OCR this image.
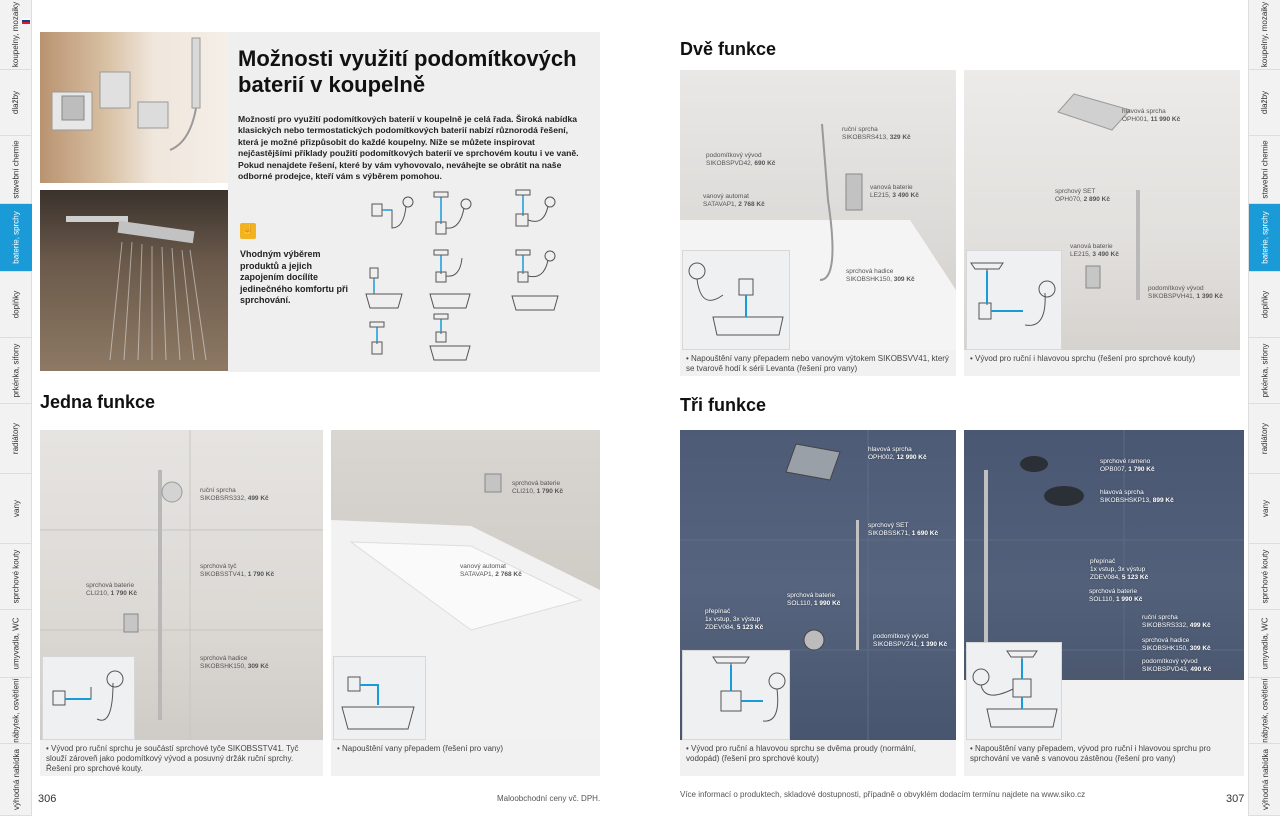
koupelny, mozaiky
dlažby
stavební chemie
baterie, sprchy
doplňky
prkénka, sifony
radiátory
vany
sprchové kouty
umyvadla, WC
nábytek, osvětlení
výhodná nabídka
koupelny, mozaiky
dlažby
stavební chemie
baterie, sprchy
doplňky
prkénka, sifony
radiátory
vany
sprchové kouty
umyvadla, WC
nábytek, osvětlení
výhodná nabídka
Možnosti využití podomítkových baterií v koupelně
Možností pro využití podomítkových baterií v koupelně je celá řada. Široká nabídka klasických nebo termostatických podomítkových baterií nabízí různorodá řešení, která je možné přizpůsobit do každé koupelny. Níže se můžete inspirovat nejčastějšími příklady použití podomítkových baterií ve sprchovém koutu i ve vaně. Pokud nenajdete řešení, které by vám vyhovovalo, neváhejte se obrátit na naše odborné prodejce, kteří vám s výběrem pomohou.
☝
Vhodným výběrem produktů a jejich zapojením docílíte jedinečného komfortu při sprchování.
Jedna funkce
ruční sprcha
SIKOBSRS332, 499 Kč
sprchová tyč
SIKOBSSTV41, 1 790 Kč
sprchová baterie
CLI210, 1 790 Kč
sprchová hadice
SIKOBSHK150, 309 Kč
• Vývod pro ruční sprchu je součástí sprchové tyče SIKOBSSTV41. Tyč slouží zároveň jako podomítkový vývod a posuvný držák ruční sprchy. Řešení pro sprchové kouty.
sprchová baterie
CLI210, 1 790 Kč
vanový automat
SATAVAP1, 2 768 Kč
• Napouštění vany přepadem (řešení pro vany)
306	Maloobchodní ceny vč. DPH.
Dvě funkce
ruční sprcha
SIKOBSRS413, 329 Kč
podomítkový vývod
SIKOBSPVD42, 690 Kč
vanový automat
SATAVAP1, 2 768 Kč
vanová baterie
LE215, 3 490 Kč
sprchová hadice
SIKOBSHK150, 309 Kč
• Napouštění vany přepadem nebo vanovým výtokem SIKOBSVV41, který se tvarově hodí k sérii Levanta (řešení pro vany)
hlavová sprcha
OPH001, 11 990 Kč
sprchový SET
OPH070, 2 890 Kč
vanová baterie
LE215, 3 490 Kč
podomítkový vývod
SIKOBSPVH41, 1 390 Kč
• Vývod pro ruční i hlavovou sprchu (řešení pro sprchové kouty)
Tři funkce
hlavová sprcha
OPH002, 12 990 Kč
sprchový SET
SIKOBSSK71, 1 690 Kč
sprchová baterie
SOL110, 1 990 Kč
přepínač
1x vstup, 3x výstup
ZDEV084, 5 123 Kč
podomítkový vývod
SIKOBSPVZ41, 1 390 Kč
• Vývod pro ruční a hlavovou sprchu se dvěma proudy (normální, vodopád) (řešení pro sprchové kouty)
sprchové rameno
OPB007, 1 790 Kč
hlavová sprcha
SIKOBSHSKP13, 899 Kč
přepínač
1x vstup, 3x výstup
ZDEV084, 5 123 Kč
sprchová baterie
SOL110, 1 990 Kč
ruční sprcha
SIKOBSRS332, 499 Kč
sprchová hadice
SIKOBSHK150, 309 Kč
podomítkový vývod
SIKOBSPVD43, 490 Kč
• Napouštění vany přepadem, vývod pro ruční i hlavovou sprchu pro sprchování ve vaně s vanovou zástěnou (řešení pro vany)
Více informací o produktech, skladové dostupnosti, případně o obvyklém dodacím termínu najdete na www.siko.cz	307
